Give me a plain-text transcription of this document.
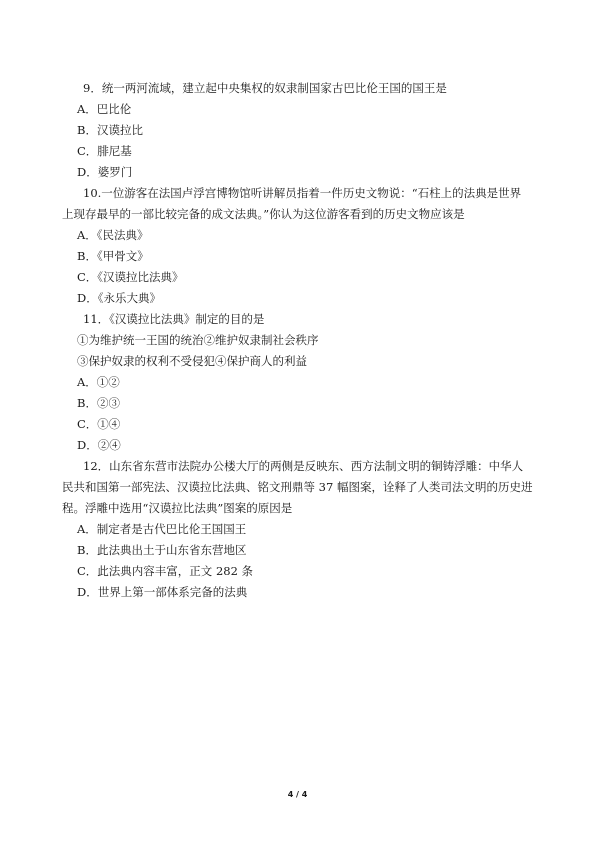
9．统一两河流域，建立起中央集权的奴隶制国家古巴比伦王国的国王是

A．巴比伦

B．汉谟拉比

C．腓尼基

D．婆罗门

10.一位游客在法国卢浮宫博物馆听讲解员指着一件历史文物说：“石柱上的法典是世界

上现存最早的一部比较完备的成文法典。”你认为这位游客看到的历史文物应该是

A．《民法典》

B．《甲骨文》

C．《汉谟拉比法典》

D．《永乐大典》

11．《汉谟拉比法典》制定的目的是

①为维护统一王国的统治②维护奴隶制社会秩序

③保护奴隶的权利不受侵犯④保护商人的利益

A．①②

B．②③

C．①④

D．②④

12．山东省东营市法院办公楼大厅的两侧是反映东、西方法制文明的铜铸浮雕：中华人

民共和国第一部宪法、汉谟拉比法典、铭文刑鼎等 37 幅图案，诠释了人类司法文明的历史进

程。浮雕中选用“汉谟拉比法典”图案的原因是

A．制定者是古代巴比伦王国国王

B．此法典出土于山东省东营地区

C．此法典内容丰富，正文 282 条

D．世界上第一部体系完备的法典

4 / 4
